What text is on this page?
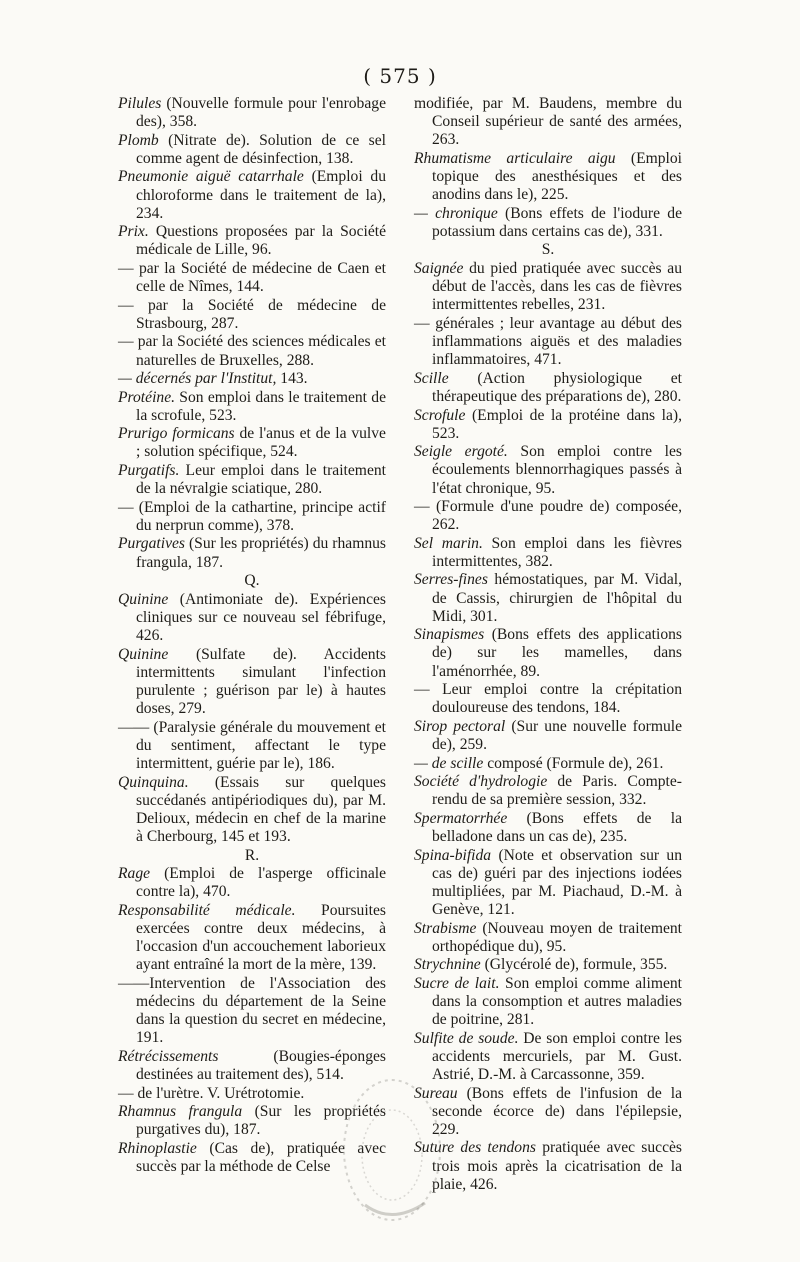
( 575 )
Pilules (Nouvelle formule pour l'enrobage des), 358.
Plomb (Nitrate de). Solution de ce sel comme agent de désinfection, 138.
Pneumonie aiguë catarrhale (Emploi du chloroforme dans le traitement de la), 234.
Prix. Questions proposées par la Société médicale de Lille, 96.
— par la Société de médecine de Caen et celle de Nîmes, 144.
— par la Société de médecine de Strasbourg, 287.
— par la Société des sciences médicales et naturelles de Bruxelles, 288.
— décernés par l'Institut, 143.
Protéine. Son emploi dans le traitement de la scrofule, 523.
Prurigo formicans de l'anus et de la vulve ; solution spécifique, 524.
Purgatifs. Leur emploi dans le traitement de la névralgie sciatique, 280.
— (Emploi de la cathartine, principe actif du nerprun comme), 378.
Purgatives (Sur les propriétés) du rhamnus frangula, 187.
Q.
Quinine (Antimoniate de). Expériences cliniques sur ce nouveau sel fébrifuge, 426.
Quinine (Sulfate de). Accidents intermittents simulant l'infection purulente ; guérison par le) à hautes doses, 279.
—— (Paralysie générale du mouvement et du sentiment, affectant le type intermittent, guérie par le), 186.
Quinquina. (Essais sur quelques succédanés antipériodiques du), par M. Delioux, médecin en chef de la marine à Cherbourg, 145 et 193.
R.
Rage (Emploi de l'asperge officinale contre la), 470.
Responsabilité médicale. Poursuites exercées contre deux médecins, à l'occasion d'un accouchement laborieux ayant entraîné la mort de la mère, 139.
——Intervention de l'Association des médecins du département de la Seine dans la question du secret en médecine, 191.
Rétrécissements (Bougies-éponges destinées au traitement des), 514.
— de l'urètre. V. Urétrotomie.
Rhamnus frangula (Sur les propriétés purgatives du), 187.
Rhinoplastie (Cas de), pratiquée avec succès par la méthode de Celse
modifiée, par M. Baudens, membre du Conseil supérieur de santé des armées, 263.
Rhumatisme articulaire aigu (Emploi topique des anesthésiques et des anodins dans le), 225.
— chronique (Bons effets de l'iodure de potassium dans certains cas de), 331.
S.
Saignée du pied pratiquée avec succès au début de l'accès, dans les cas de fièvres intermittentes rebelles, 231.
— générales ; leur avantage au début des inflammations aiguës et des maladies inflammatoires, 471.
Scille (Action physiologique et thérapeutique des préparations de), 280.
Scrofule (Emploi de la protéine dans la), 523.
Seigle ergoté. Son emploi contre les écoulements blennorrhagiques passés à l'état chronique, 95.
— (Formule d'une poudre de) composée, 262.
Sel marin. Son emploi dans les fièvres intermittentes, 382.
Serres-fines hémostatiques, par M. Vidal, de Cassis, chirurgien de l'hôpital du Midi, 301.
Sinapismes (Bons effets des applications de) sur les mamelles, dans l'aménorrhée, 89.
— Leur emploi contre la crépitation douloureuse des tendons, 184.
Sirop pectoral (Sur une nouvelle formule de), 259.
— de scille composé (Formule de), 261.
Société d'hydrologie de Paris. Compte-rendu de sa première session, 332.
Spermatorrhée (Bons effets de la belladone dans un cas de), 235.
Spina-bifida (Note et observation sur un cas de) guéri par des injections iodées multipliées, par M. Piachaud, D.-M. à Genève, 121.
Strabisme (Nouveau moyen de traitement orthopédique du), 95.
Strychnine (Glycérolé de), formule, 355.
Sucre de lait. Son emploi comme aliment dans la consomption et autres maladies de poitrine, 281.
Sulfite de soude. De son emploi contre les accidents mercuriels, par M. Gust. Astrié, D.-M. à Carcassonne, 359.
Sureau (Bons effets de l'infusion de la seconde écorce de) dans l'épilepsie, 229.
Suture des tendons pratiquée avec succès trois mois après la cicatrisation de la plaie, 426.
